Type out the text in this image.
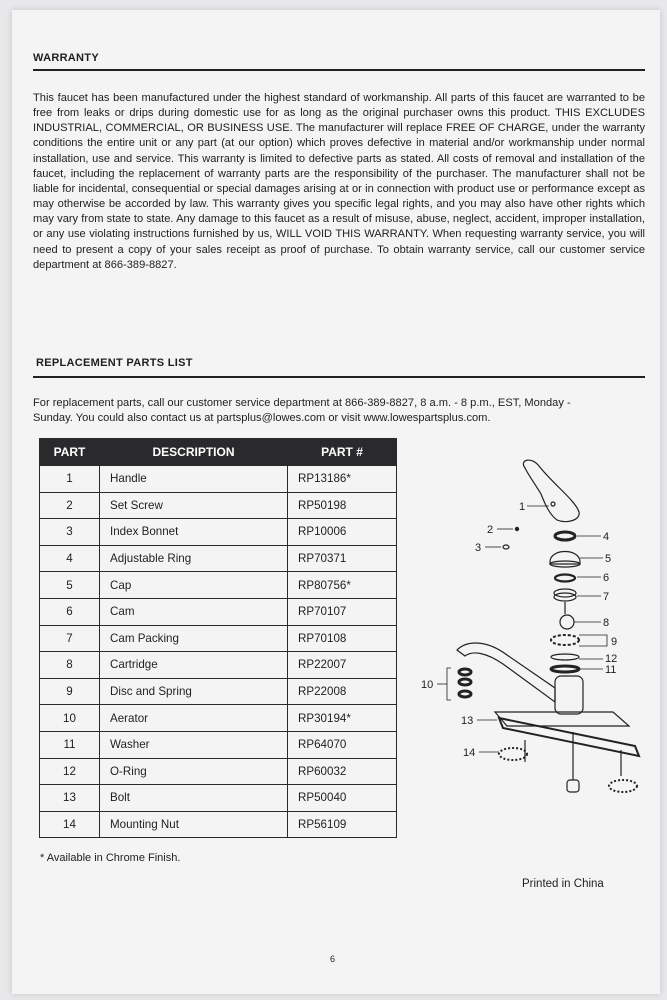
WARRANTY
This faucet has been manufactured under the highest standard of workmanship. All parts of this faucet are warranted to be free from leaks or drips during domestic use for as long as the original purchaser owns this product. THIS EXCLUDES INDUSTRIAL, COMMERCIAL, OR BUSINESS USE. The manufacturer will replace FREE OF CHARGE, under the warranty conditions the entire unit or any part (at our option) which proves defective in material and/or workmanship under normal installation, use and service. This warranty is limited to defective parts as stated. All costs of removal and installation of the faucet, including the replacement of warranty parts are the responsibility of the purchaser. The manufacturer shall not be liable for incidental, consequential or special damages arising at or in connection with product use or performance except as may otherwise be accorded by law. This warranty gives you specific legal rights, and you may also have other rights which may vary from state to state. Any damage to this faucet as a result of misuse, abuse, neglect, accident, improper installation, or any use violating instructions furnished by us, WILL VOID THIS WARRANTY. When requesting warranty service, you will need to present a copy of your sales receipt as proof of purchase. To obtain warranty service, call our customer service department at 866-389-8827.
REPLACEMENT PARTS LIST
For replacement parts, call our customer service department at 866-389-8827, 8 a.m. - 8 p.m., EST, Monday -Sunday. You could also contact us at partsplus@lowes.com or visit www.lowespartsplus.com.
PART	DESCRIPTION	PART #
1	Handle	RP13186*
2	Set Screw	RP50198
3	Index Bonnet	RP10006
4	Adjustable Ring	RP70371
5	Cap	RP80756*
6	Cam	RP70107
7	Cam Packing	RP70108
8	Cartridge	RP22007
9	Disc and Spring	RP22008
10	Aerator	RP30194*
11	Washer	RP64070
12	O-Ring	RP60032
13	Bolt	RP50040
14	Mounting Nut	RP56109
* Available in Chrome Finish.
1
2
3
4
5
6
7
8
9
10
11
12
13
14
Printed in China
6
